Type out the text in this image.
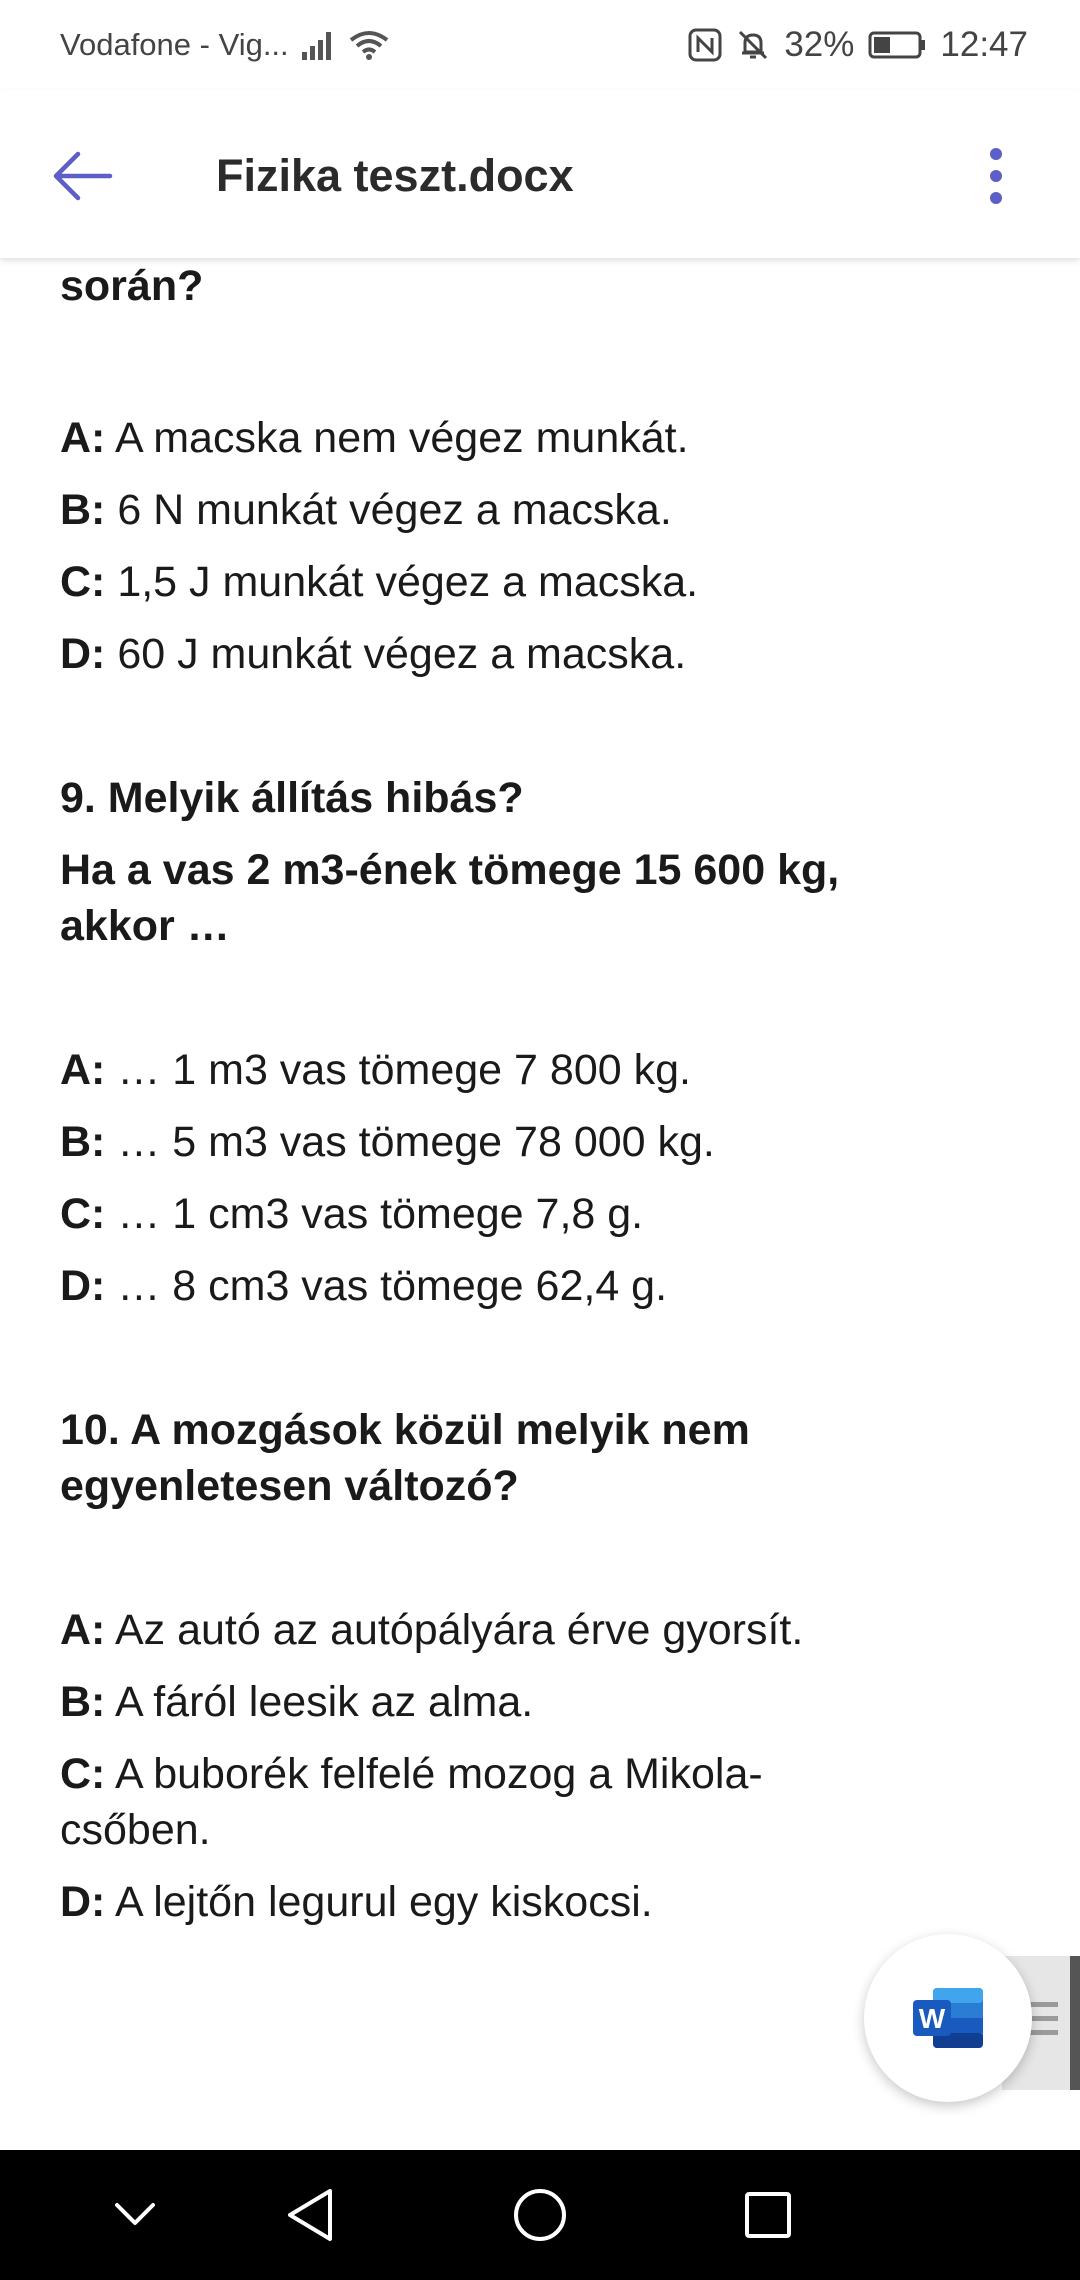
Vodafone - Vig...	32% 12:47
Fizika teszt.docx
során?
A: A macska nem végez munkát.
B: 6 N munkát végez a macska.
C: 1,5 J munkát végez a macska.
D: 60 J munkát végez a macska.
9. Melyik állítás hibás?
Ha a vas 2 m3-ének tömege 15 600 kg,
akkor …
A: … 1 m3 vas tömege 7 800 kg.
B: … 5 m3 vas tömege 78 000 kg.
C: … 1 cm3 vas tömege 7,8 g.
D: … 8 cm3 vas tömege 62,4 g.
10. A mozgások közül melyik nem
egyenletesen változó?
A: Az autó az autópályára érve gyorsít.
B: A fáról leesik az alma.
C: A buborék felfelé mozog a Mikola-
csőben.
D: A lejtőn legurul egy kiskocsi.
W
